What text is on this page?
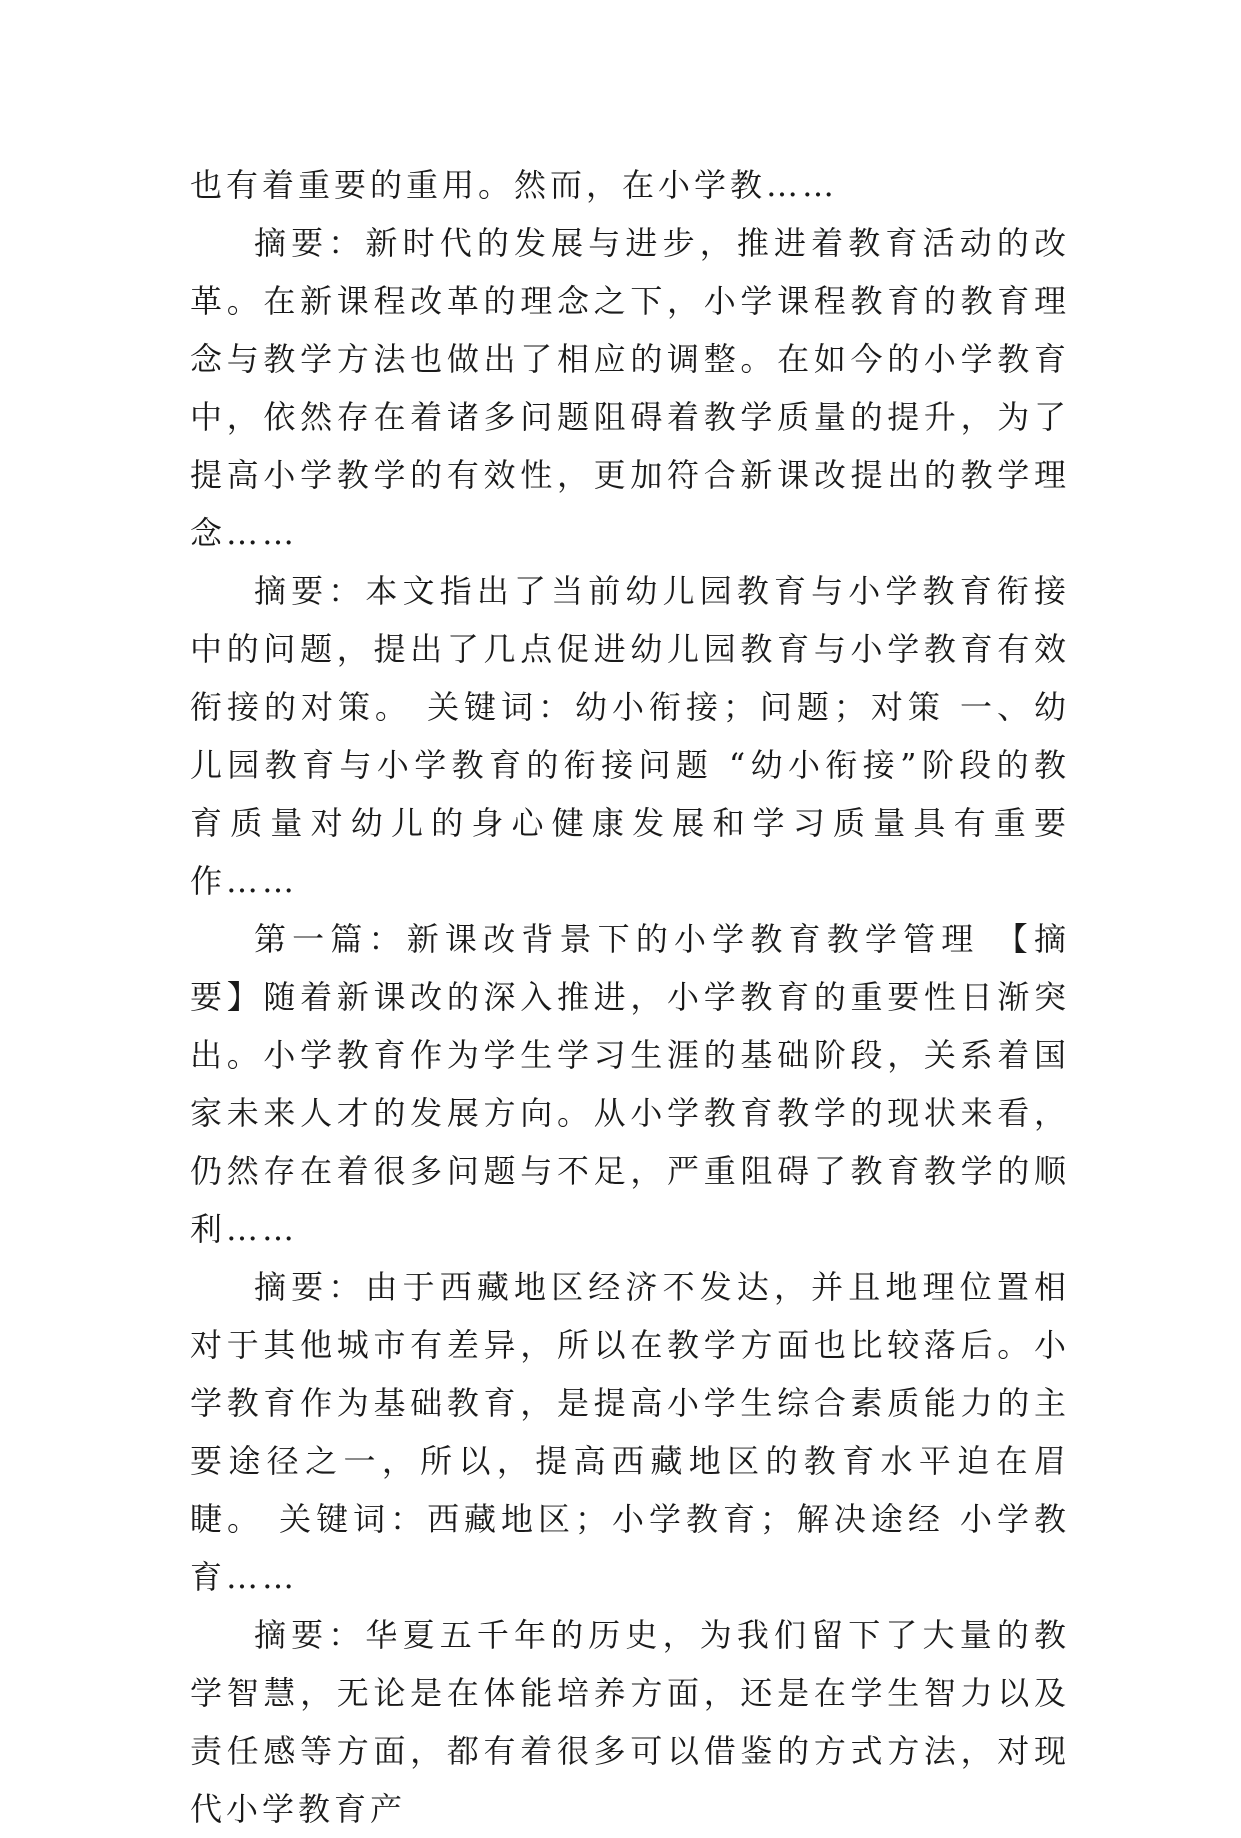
也有着重要的重用。然而，在小学教……

摘要：新时代的发展与进步，推进着教育活动的改革。在新课程改革的理念之下，小学课程教育的教育理念与教学方法也做出了相应的调整。在如今的小学教育中，依然存在着诸多问题阻碍着教学质量的提升，为了提高小学教学的有效性，更加符合新课改提出的教学理念……

摘要：本文指出了当前幼儿园教育与小学教育衔接中的问题，提出了几点促进幼儿园教育与小学教育有效衔接的对策。 关键词：幼小衔接；问题；对策 一、幼儿园教育与小学教育的衔接问题 “幼小衔接”阶段的教育质量对幼儿的身心健康发展和学习质量具有重要作……

第一篇：新课改背景下的小学教育教学管理 【摘要】随着新课改的深入推进，小学教育的重要性日渐突出。小学教育作为学生学习生涯的基础阶段，关系着国家未来人才的发展方向。从小学教育教学的现状来看，仍然存在着很多问题与不足，严重阻碍了教育教学的顺利……

摘要：由于西藏地区经济不发达，并且地理位置相对于其他城市有差异，所以在教学方面也比较落后。小学教育作为基础教育，是提高小学生综合素质能力的主要途径之一，所以，提高西藏地区的教育水平迫在眉睫。 关键词：西藏地区；小学教育；解决途经 小学教育……

摘要：华夏五千年的历史，为我们留下了大量的教学智慧，无论是在体能培养方面，还是在学生智力以及责任感等方面，都有着很多可以借鉴的方式方法，对现代小学教育产
